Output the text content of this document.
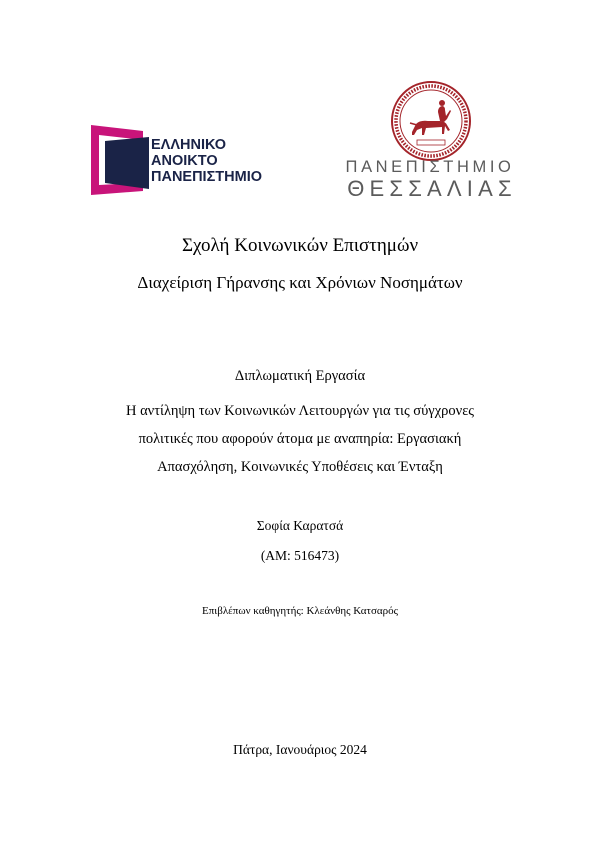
ΕΛΛΗΝΙΚΟ
ΑΝΟΙΚΤΟ
ΠΑΝΕΠΙΣΤΗΜΙΟ
ΠΑΝΕΠΙΣΤΗΜΙΟ
ΘΕΣΣΑΛΙΑΣ
Σχολή Κοινωνικών Επιστημών
Διαχείριση Γήρανσης και Χρόνιων Νοσημάτων
Διπλωματική Εργασία
Η αντίληψη των Κοινωνικών Λειτουργών για τις σύγχρονες
πολιτικές που αφορούν άτομα με αναπηρία: Εργασιακή
Απασχόληση, Κοινωνικές Υποθέσεις και Ένταξη
Σοφία Καρατσά
(ΑΜ: 516473)
Επιβλέπων καθηγητής: Κλεάνθης Κατσαρός
Πάτρα, Ιανουάριος 2024
